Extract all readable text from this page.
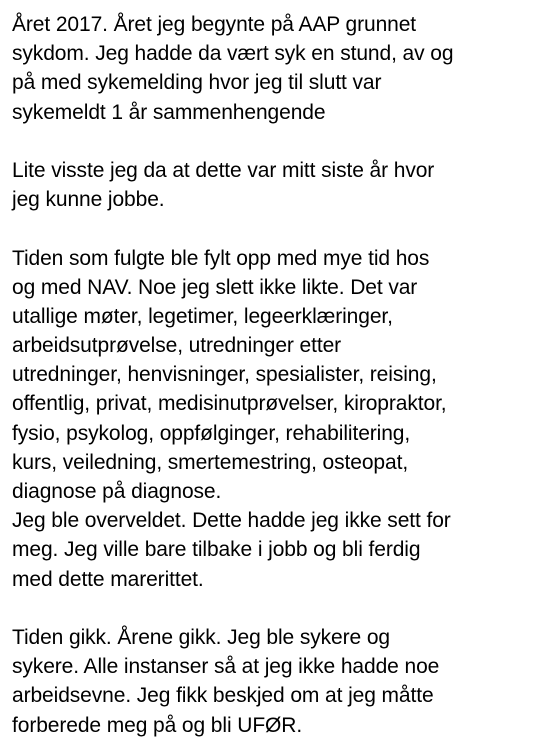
Året 2017. Året jeg begynte på AAP grunnet
sykdom. Jeg hadde da vært syk en stund, av og
på med sykemelding hvor jeg til slutt var
sykemeldt 1 år sammenhengende
Lite visste jeg da at dette var mitt siste år hvor
jeg kunne jobbe.
Tiden som fulgte ble fylt opp med mye tid hos
og med NAV. Noe jeg slett ikke likte. Det var
utallige møter, legetimer, legeerklæringer,
arbeidsutprøvelse, utredninger etter
utredninger, henvisninger, spesialister, reising,
offentlig, privat, medisinutprøvelser, kiropraktor,
fysio, psykolog, oppfølginger, rehabilitering,
kurs, veiledning, smertemestring, osteopat,
diagnose på diagnose.
Jeg ble overveldet. Dette hadde jeg ikke sett for
meg. Jeg ville bare tilbake i jobb og bli ferdig
med dette marerittet.
Tiden gikk. Årene gikk. Jeg ble sykere og
sykere. Alle instanser så at jeg ikke hadde noe
arbeidsevne. Jeg fikk beskjed om at jeg måtte
forberede meg på og bli UFØR.
